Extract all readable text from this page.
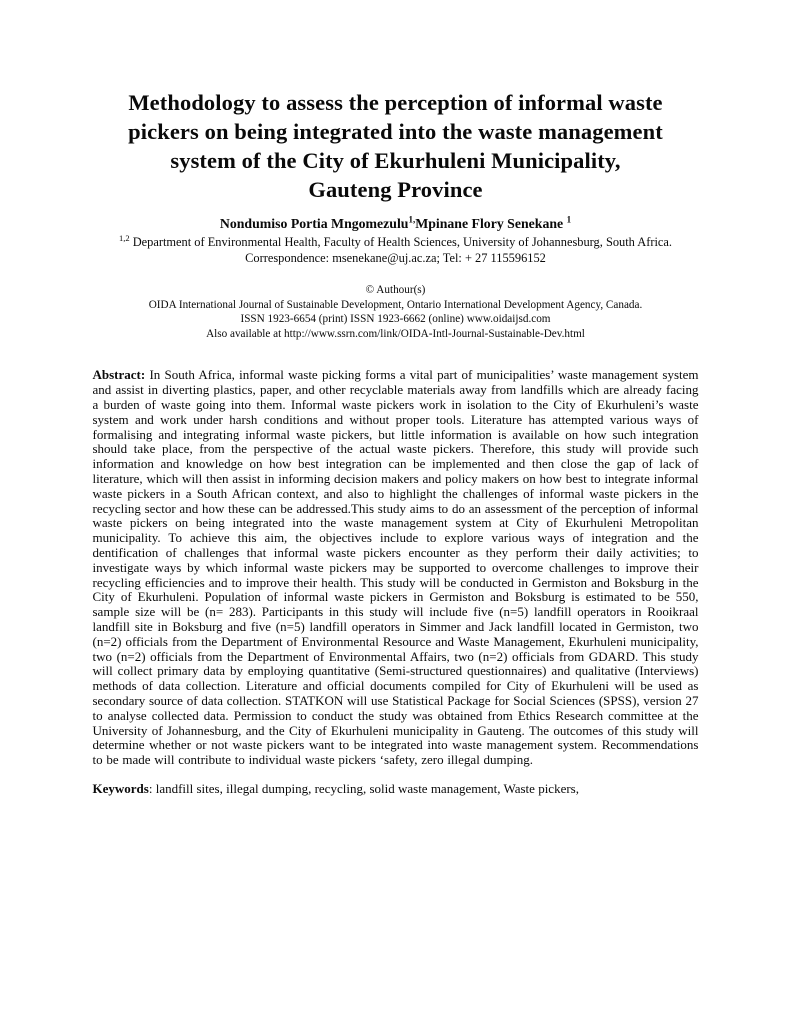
Methodology to assess the perception of informal waste
pickers on being integrated into the waste management
system of the City of Ekurhuleni Municipality,
Gauteng Province
Nondumiso Portia Mngomezulu$^{1,}$Mpinane Flory Senekane $^1$
$^{1,2}$ Department of Environmental Health, Faculty of Health Sciences, University of Johannesburg, South Africa.
Correspondence: msenekane@uj.ac.za; Tel: + 27 115596152
© Authour(s)
OIDA International Journal of Sustainable Development, Ontario International Development Agency, Canada.
ISSN 1923-6654 (print) ISSN 1923-6662 (online) www.oidaijsd.com
Also available at http://www.ssrn.com/link/OIDA-Intl-Journal-Sustainable-Dev.html

Abstract: In South Africa, informal waste picking forms a vital part of municipalities’ waste management system and assist in diverting plastics, paper, and other recyclable materials away from landfills which are already facing a burden of waste going into them. Informal waste pickers work in isolation to the City of Ekurhuleni’s waste system and work under harsh conditions and without proper tools. Literature has attempted various ways of formalising and integrating informal waste pickers, but little information is available on how such integration should take place, from the perspective of the actual waste pickers. Therefore, this study will provide such information and knowledge on how best integration can be implemented and then close the gap of lack of literature, which will then assist in informing decision makers and policy makers on how best to integrate informal waste pickers in a South African context, and also to highlight the challenges of informal waste pickers in the recycling sector and how these can be addressed.This study aims to do an assessment of the perception of informal waste pickers on being integrated into the waste management system at City of Ekurhuleni Metropolitan municipality. To achieve this aim, the objectives include to explore various ways of integration and the dentification of challenges that informal waste pickers encounter as they perform their daily activities; to investigate ways by which informal waste pickers may be supported to overcome challenges to improve their recycling efficiencies and to improve their health. This study will be conducted in Germiston and Boksburg in the City of Ekurhuleni. Population of informal waste pickers in Germiston and Boksburg is estimated to be 550, sample size will be (n= 283). Participants in this study will include five (n=5) landfill operators in Rooikraal landfill site in Boksburg and five (n=5) landfill operators in Simmer and Jack landfill located in Germiston, two (n=2) officials from the Department of Environmental Resource and Waste Management, Ekurhuleni municipality, two (n=2) officials from the Department of Environmental Affairs, two (n=2) officials from GDARD. This study will collect primary data by employing quantitative (Semi-structured questionnaires) and qualitative (Interviews) methods of data collection. Literature and official documents compiled for City of Ekurhuleni will be used as secondary source of data collection. STATKON will use Statistical Package for Social Sciences (SPSS), version 27 to analyse collected data. Permission to conduct the study was obtained from Ethics Research committee at the University of Johannesburg, and the City of Ekurhuleni municipality in Gauteng. The outcomes of this study will determine whether or not waste pickers want to be integrated into waste management system. Recommendations to be made will contribute to individual waste pickers ‘safety, zero illegal dumping.

Keywords: landfill sites, illegal dumping, recycling, solid waste management, Waste pickers,
